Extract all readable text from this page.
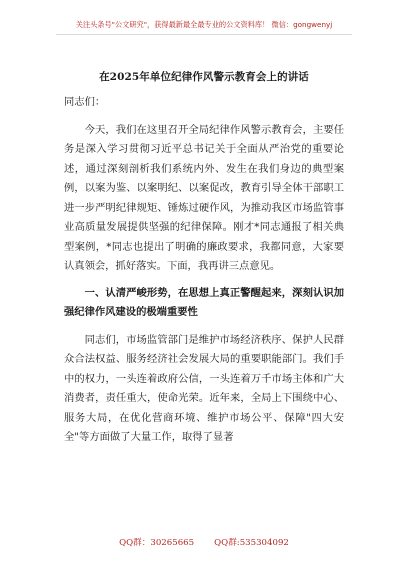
关注头条号"公文研究"，获得最新最全最专业的公文资料库！ 微信：gongwenyj
在2025年单位纪律作风警示教育会上的讲话

同志们：

今天，我们在这里召开全局纪律作风警示教育会，主要任务是深入学习贯彻习近平总书记关于全面从严治党的重要论述，通过深刻剖析我们系统内外、发生在我们身边的典型案例，以案为鉴、以案明纪、以案促改，教育引导全体干部职工进一步严明纪律规矩、锤炼过硬作风，为推动我区市场监管事业高质量发展提供坚强的纪律保障。刚才*同志通报了相关典型案例，*同志也提出了明确的廉政要求，我都同意，大家要认真领会，抓好落实。下面，我再讲三点意见。

一、认清严峻形势，在思想上真正警醒起来，深刻认识加强纪律作风建设的极端重要性

同志们，市场监管部门是维护市场经济秩序、保护人民群众合法权益、服务经济社会发展大局的重要职能部门。我们手中的权力，一头连着政府公信，一头连着万千市场主体和广大消费者，责任重大，使命光荣。近年来，全局上下围绕中心、服务大局，在优化营商环境、维护市场公平、保障"四大安全"等方面做了大量工作，取得了显著

QQ群：30265665 QQ群:535304092
